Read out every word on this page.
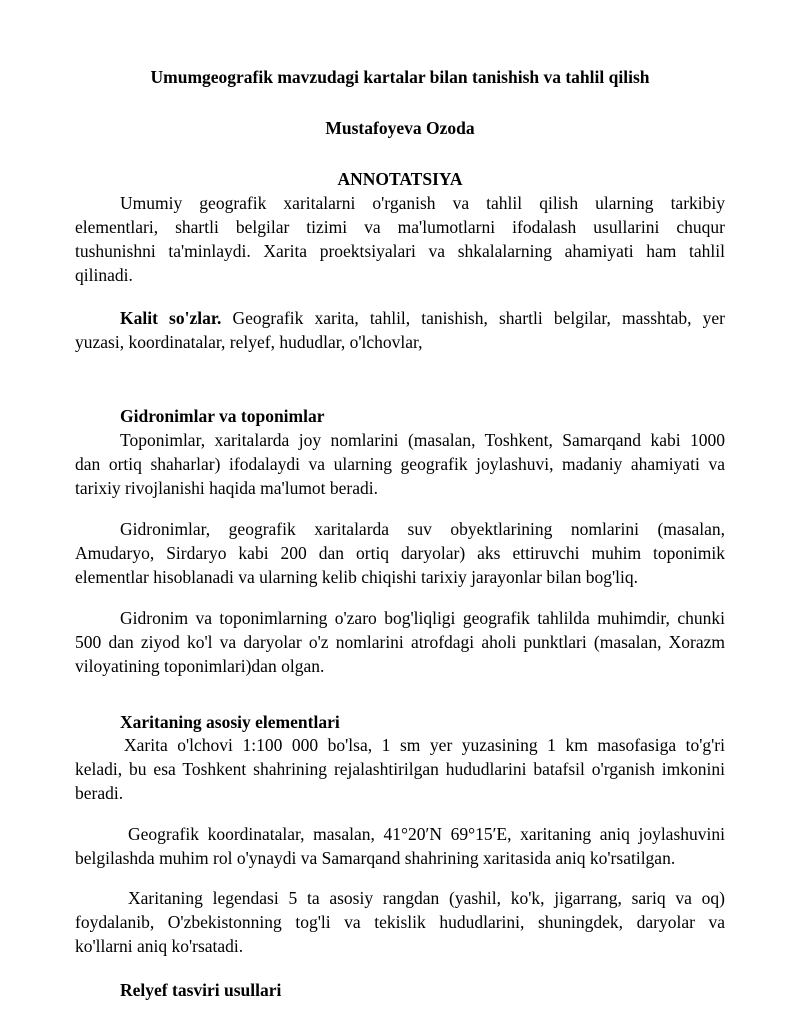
Umumgeografik mavzudagi kartalar bilan tanishish va tahlil qilish
Mustafoyeva Ozoda
ANNOTATSIYA
Umumiy geografik xaritalarni o'rganish va tahlil qilish ularning tarkibiy
elementlari, shartli belgilar tizimi va ma'lumotlarni ifodalash usullarini chuqur
tushunishni ta'minlaydi. Xarita proektsiyalari va shkalalarning ahamiyati ham tahlil
qilinadi.
Kalit so'zlar. Geografik xarita, tahlil, tanishish, shartli belgilar, masshtab, yer
yuzasi, koordinatalar, relyef, hududlar, o'lchovlar,
Gidronimlar va toponimlar
Toponimlar, xaritalarda joy nomlarini (masalan, Toshkent, Samarqand kabi 1000
dan ortiq shaharlar) ifodalaydi va ularning geografik joylashuvi, madaniy ahamiyati va
tarixiy rivojlanishi haqida ma'lumot beradi.
Gidronimlar, geografik xaritalarda suv obyektlarining nomlarini (masalan,
Amudaryo, Sirdaryo kabi 200 dan ortiq daryolar) aks ettiruvchi muhim toponimik
elementlar hisoblanadi va ularning kelib chiqishi tarixiy jarayonlar bilan bog'liq.
Gidronim va toponimlarning o'zaro bog'liqligi geografik tahlilda muhimdir, chunki
500 dan ziyod ko'l va daryolar o'z nomlarini atrofdagi aholi punktlari (masalan, Xorazm
viloyatining toponimlari)dan olgan.
Xaritaning asosiy elementlari
Xarita o'lchovi 1:100 000 bo'lsa, 1 sm yer yuzasining 1 km masofasiga to'g'ri
keladi, bu esa Toshkent shahrining rejalashtirilgan hududlarini batafsil o'rganish imkonini
beradi.
Geografik koordinatalar, masalan, 41°20′N 69°15′E, xaritaning aniq joylashuvini
belgilashda muhim rol o'ynaydi va Samarqand shahrining xaritasida aniq ko'rsatilgan.
Xaritaning legendasi 5 ta asosiy rangdan (yashil, ko'k, jigarrang, sariq va oq)
foydalanib, O'zbekistonning tog'li va tekislik hududlarini, shuningdek, daryolar va
ko'llarni aniq ko'rsatadi.
Relyef tasviri usullari
